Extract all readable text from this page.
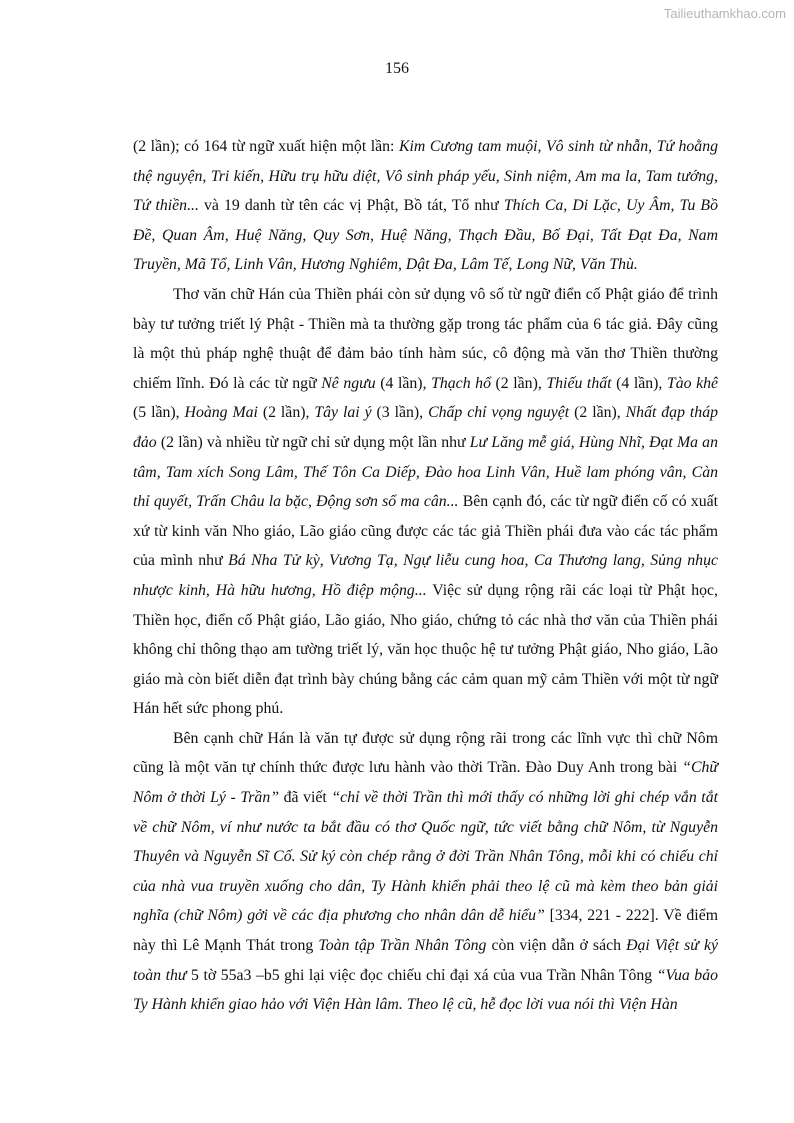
Tailieuthamkhao.com
156

(2 lần); có 164 từ ngữ xuất hiện một lần: Kim Cương tam muội, Vô sinh từ nhẫn, Tứ hoằng thệ nguyện, Tri kiến, Hữu trụ hữu diệt, Vô sinh pháp yếu, Sinh niệm, Am ma la, Tam tướng, Tứ thiền... và 19 danh từ tên các vị Phật, Bồ tát, Tổ như Thích Ca, Di Lặc, Uy Âm, Tu Bồ Đề, Quan Âm, Huệ Năng, Quy Sơn, Huệ Năng, Thạch Đầu, Bố Đại, Tất Đạt Đa, Nam Truyền, Mã Tổ, Linh Vân, Hương Nghiêm, Dật Đa, Lâm Tế, Long Nữ, Văn Thù.

Thơ văn chữ Hán của Thiền phái còn sử dụng vô số từ ngữ điển cố Phật giáo để trình bày tư tưởng triết lý Phật - Thiền mà ta thường gặp trong tác phẩm của 6 tác giả. Đây cũng là một thủ pháp nghệ thuật để đảm bảo tính hàm súc, cô động mà văn thơ Thiền thường chiếm lĩnh. Đó là các từ ngữ Nê ngưu (4 lần), Thạch hổ (2 lần), Thiếu thất (4 lần), Tào khê (5 lần), Hoàng Mai (2 lần), Tây lai ý (3 lần), Chấp chỉ vọng nguyệt (2 lần), Nhất đạp tháp đảo (2 lần) và nhiều từ ngữ chỉ sử dụng một lần như Lư Lăng mễ giá, Hùng Nhĩ, Đạt Ma an tâm, Tam xích Song Lâm, Thế Tôn Ca Diếp, Đào hoa Linh Vân, Huề lam phóng vân, Càn thỉ quyết, Trấn Châu la bặc, Động sơn sổ ma cân... Bên cạnh đó, các từ ngữ điển cố có xuất xứ từ kinh văn Nho giáo, Lão giáo cũng được các tác giả Thiền phái đưa vào các tác phẩm của mình như Bá Nha Tử kỳ, Vương Tạ, Ngự liễu cung hoa, Ca Thương lang, Sủng nhục nhược kinh, Hà hữu hương, Hồ điệp mộng... Việc sử dụng rộng rãi các loại từ Phật học, Thiền học, điển cố Phật giáo, Lão giáo, Nho giáo, chứng tỏ các nhà thơ văn của Thiền phái không chỉ thông thạo am tường triết lý, văn học thuộc hệ tư tưởng Phật giáo, Nho giáo, Lão giáo mà còn biết diễn đạt trình bày chúng bằng các cảm quan mỹ cảm Thiền với một từ ngữ Hán hết sức phong phú.

Bên cạnh chữ Hán là văn tự được sử dụng rộng rãi trong các lĩnh vực thì chữ Nôm cũng là một văn tự chính thức được lưu hành vào thời Trần. Đào Duy Anh trong bài “Chữ Nôm ở thời Lý - Trần” đã viết “chỉ về thời Trần thì mới thấy có những lời ghi chép vắn tắt về chữ Nôm, ví như nước ta bắt đầu có thơ Quốc ngữ, tức viết bằng chữ Nôm, từ Nguyễn Thuyên và Nguyễn Sĩ Cố. Sử ký còn chép rằng ở đời Trần Nhân Tông, mỗi khi có chiếu chỉ của nhà vua truyền xuống cho dân, Ty Hành khiển phải theo lệ cũ mà kèm theo bản giải nghĩa (chữ Nôm) gởi về các địa phương cho nhân dân dễ hiểu” [334, 221 - 222]. Về điểm này thì Lê Mạnh Thát trong Toàn tập Trần Nhân Tông còn viện dẫn ở sách Đại Việt sử ký toàn thư 5 tờ 55a3 –b5 ghi lại việc đọc chiếu chỉ đại xá của vua Trần Nhân Tông “Vua bảo Ty Hành khiển giao hảo với Viện Hàn lâm. Theo lệ cũ, hễ đọc lời vua nói thì Viện Hàn
